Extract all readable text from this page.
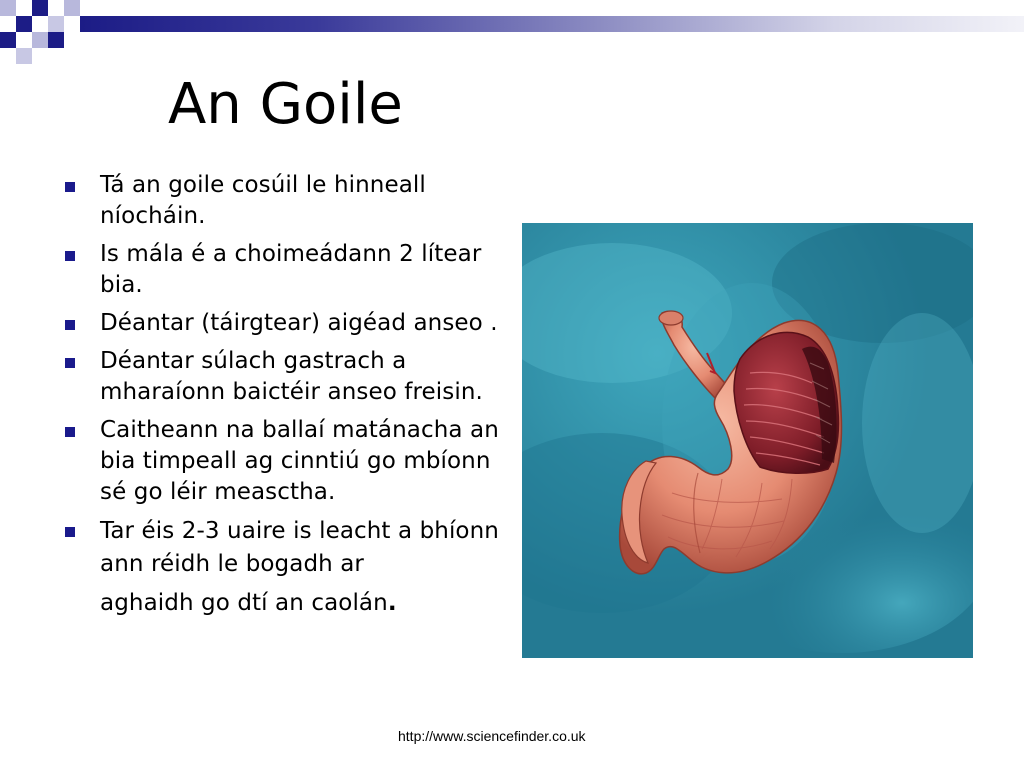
An Goile
Tá an goile cosúil le hinneall níocháin.
Is mála é a choimeádann 2 lítear bia.
Déantar (táirgtear) aigéad anseo .
Déantar súlach gastrach a mharaíonn baictéir anseo freisin.
Caitheann na ballaí matánacha an bia timpeall ag cinntiú go mbíonn sé go léir measctha.
Tar éis 2-3 uaire is leacht a bhíonn ann réidh le bogadh ar
aghaidh go dtí an caolán.
http://www.sciencefinder.co.uk
